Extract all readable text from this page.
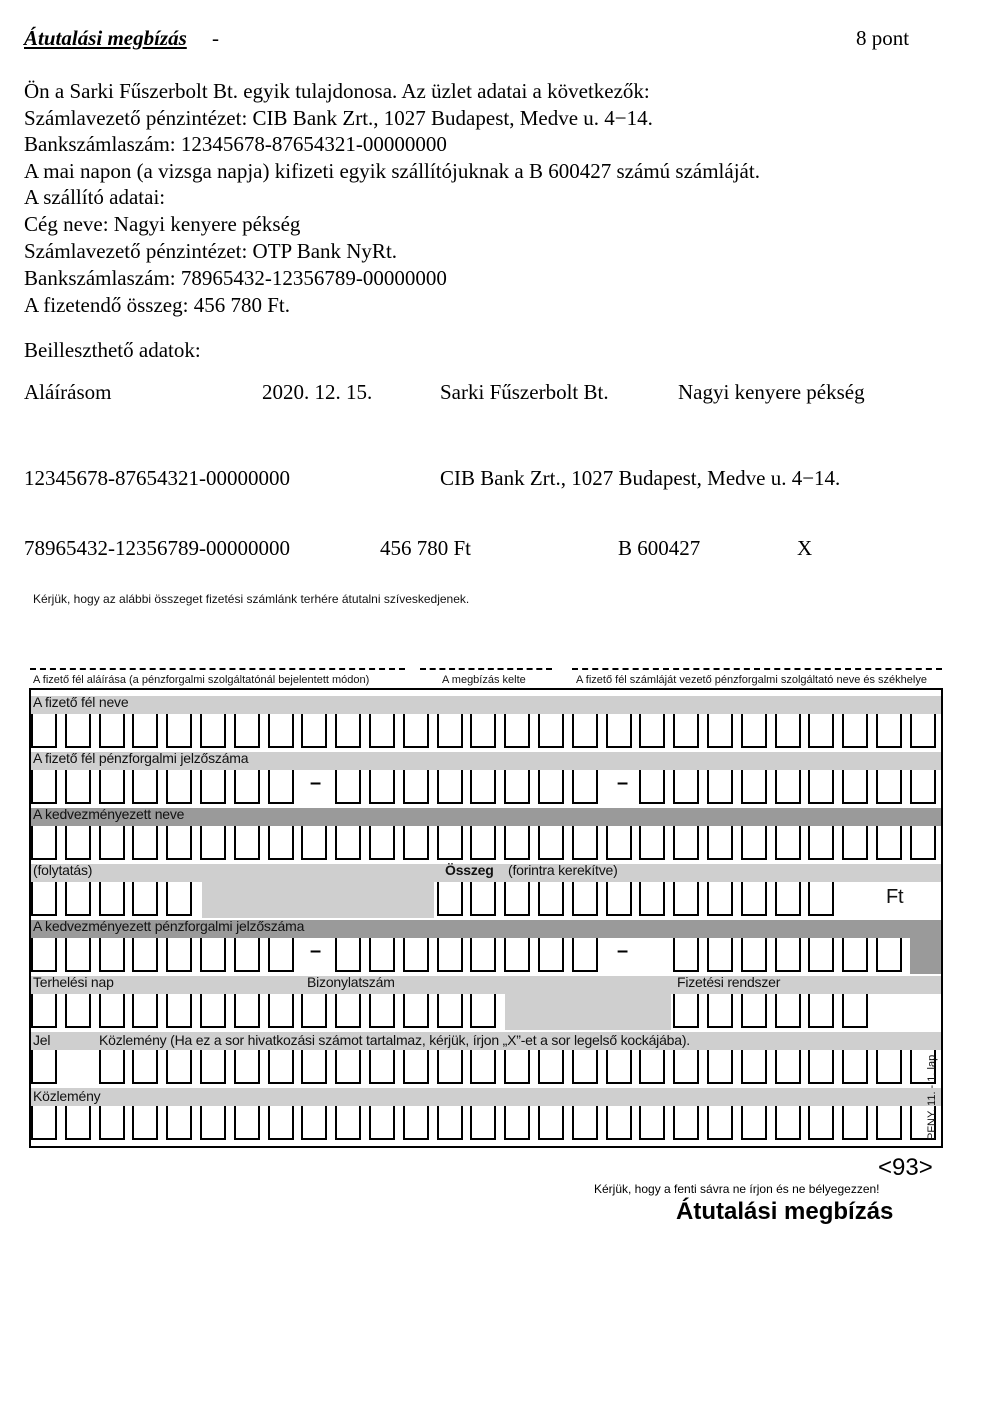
Átutalási megbízás -	8 pont
Ön a Sarki Fűszerbolt Bt. egyik tulajdonosa. Az üzlet adatai a következők:
Számlavezető pénzintézet: CIB Bank Zrt., 1027 Budapest, Medve u. 4−14.
Bankszámlaszám: 12345678-87654321-00000000
A mai napon (a vizsga napja) kifizeti egyik szállítójuknak a B 600427 számú számláját.
A szállító adatai:
Cég neve: Nagyi kenyere pékség
Számlavezető pénzintézet: OTP Bank NyRt.
Bankszámlaszám: 78965432-12356789-00000000
A fizetendő összeg: 456 780 Ft.
Beilleszthető adatok:
Aláírásom	2020. 12. 15.	Sarki Fűszerbolt Bt.	Nagyi kenyere pékség
12345678-87654321-00000000	CIB Bank Zrt., 1027 Budapest, Medve u. 4−14.
78965432-12356789-00000000	456 780 Ft	B 600427	X
Kérjük, hogy az alábbi összeget fizetési számlánk terhére átutalni szíveskedjenek.
A fizető fél aláírása (a pénzforgalmi szolgáltatónál bejelentett módon)	A megbízás kelte	A fizető fél számláját vezető pénzforgalmi szolgáltató neve és székhelye
A fizető fél neve
A fizető fél pénzforgalmi jelzőszáma
A kedvezményezett neve
(folytatás)	Összeg (forintra kerekítve)
Ft
A kedvezményezett pénzforgalmi jelzőszáma
Terhelési nap	Bizonylatszám	Fizetési rendszer
Jel	Közlemény (Ha ez a sor hivatkozási számot tartalmaz, kérjük, írjon „X”-et a sor legelső kockájába).
Közlemény
–	–
–	–
PFNY. 11. - 1. lap
<93>
Kérjük, hogy a fenti sávra ne írjon és ne bélyegezzen!
Átutalási megbízás
